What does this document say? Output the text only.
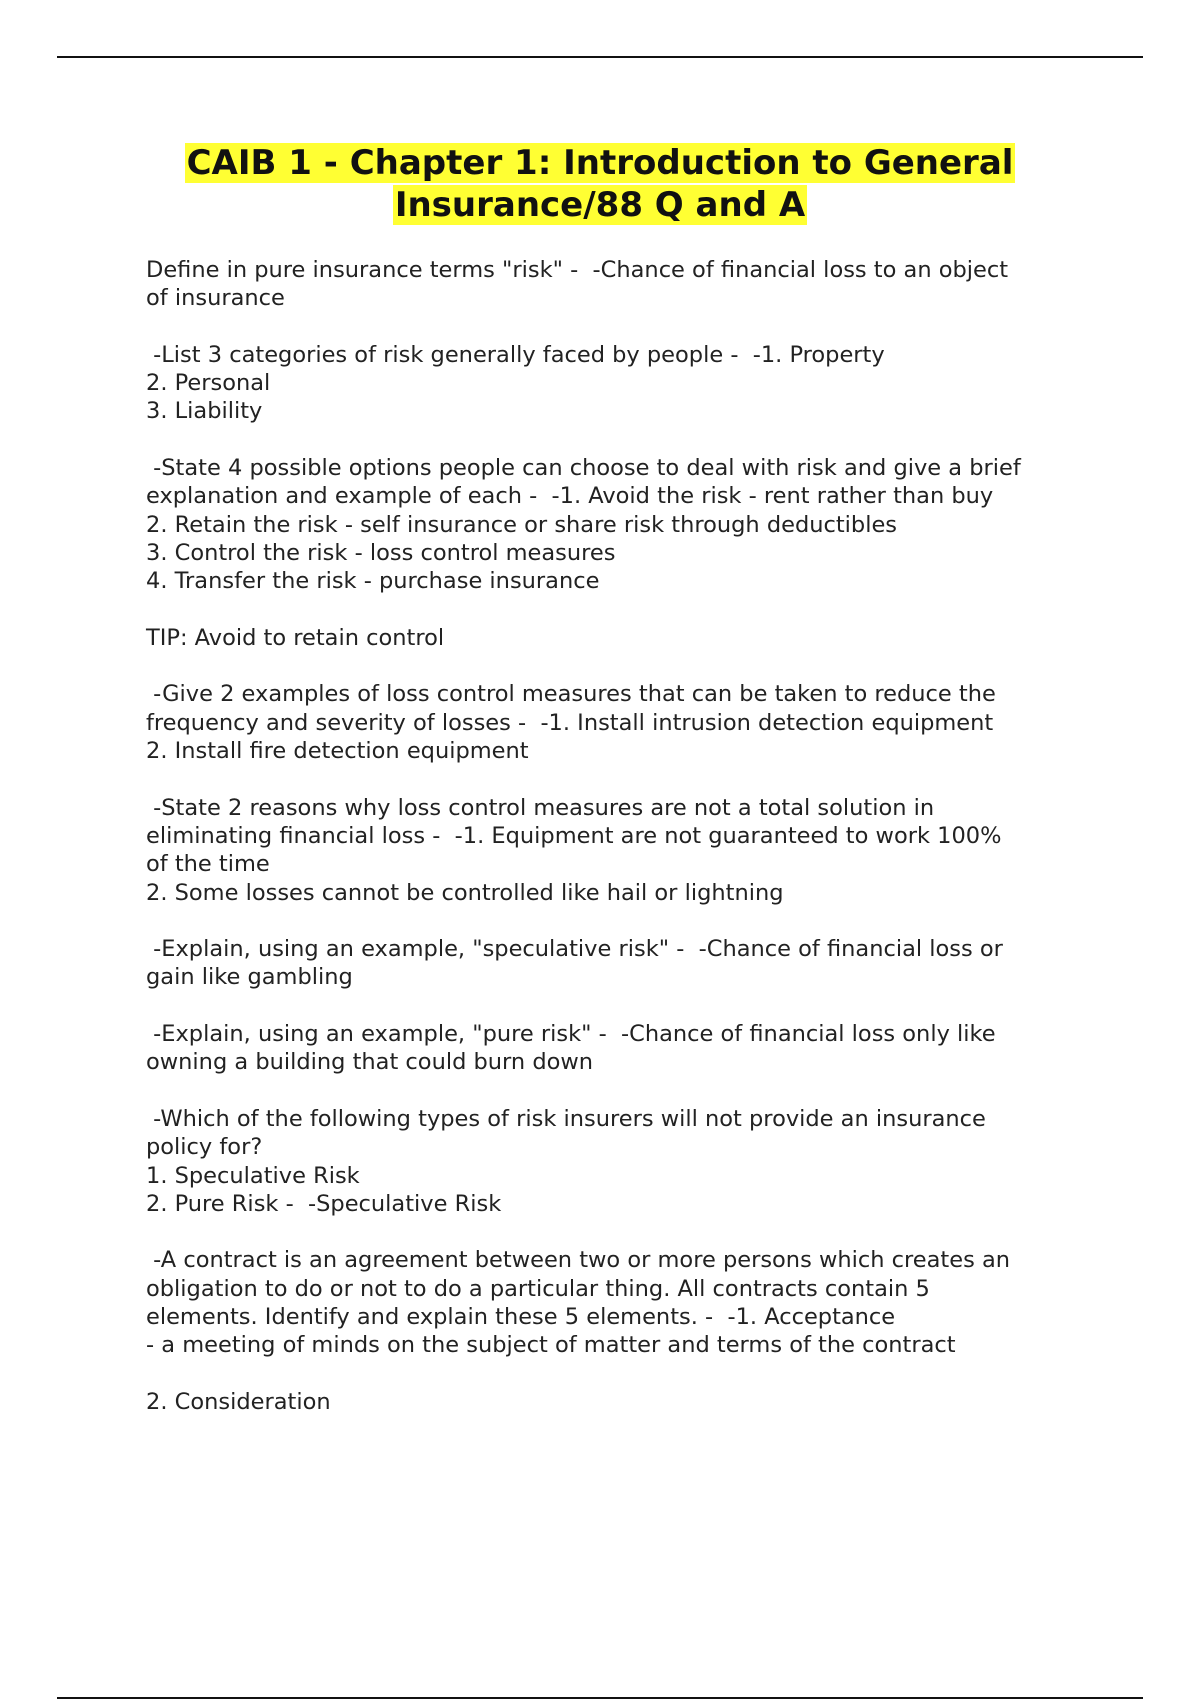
CAIB 1 - Chapter 1: Introduction to General
Insurance/88 Q and A
Define in pure insurance terms "risk" -  -Chance of financial loss to an object
of insurance
-List 3 categories of risk generally faced by people -  -1. Property
2. Personal
3. Liability
-State 4 possible options people can choose to deal with risk and give a brief
explanation and example of each -  -1. Avoid the risk - rent rather than buy
2. Retain the risk - self insurance or share risk through deductibles
3. Control the risk - loss control measures
4. Transfer the risk - purchase insurance
TIP: Avoid to retain control
-Give 2 examples of loss control measures that can be taken to reduce the
frequency and severity of losses -  -1. Install intrusion detection equipment
2. Install fire detection equipment
-State 2 reasons why loss control measures are not a total solution in
eliminating financial loss -  -1. Equipment are not guaranteed to work 100%
of the time
2. Some losses cannot be controlled like hail or lightning
-Explain, using an example, "speculative risk" -  -Chance of financial loss or
gain like gambling
-Explain, using an example, "pure risk" -  -Chance of financial loss only like
owning a building that could burn down
-Which of the following types of risk insurers will not provide an insurance
policy for?
1. Speculative Risk
2. Pure Risk -  -Speculative Risk
-A contract is an agreement between two or more persons which creates an
obligation to do or not to do a particular thing. All contracts contain 5
elements. Identify and explain these 5 elements. -  -1. Acceptance
- a meeting of minds on the subject of matter and terms of the contract
2. Consideration
